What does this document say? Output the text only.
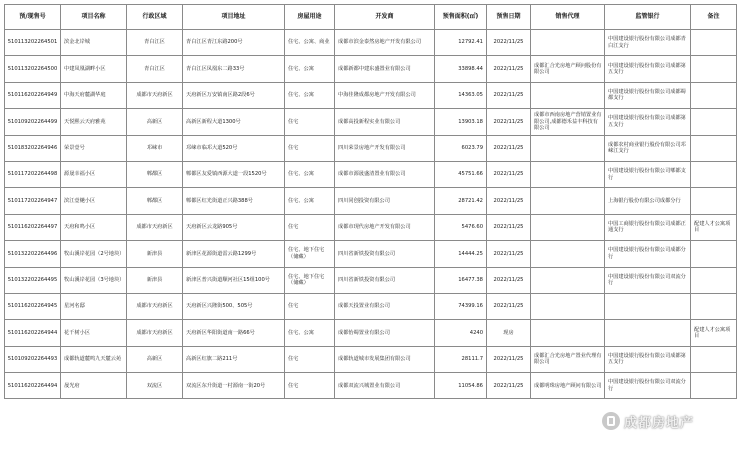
预/现售号	项目名称	行政区域	项目地址	房屋用途	开发商	预售面积(㎡)	预售日期	销售代理	监管银行	备注
510113202264501	滨金北岸城	青白江区	青白江区青江东路200号	住宅、公寓、商业	成都市滨金泰然房地产开发有限公司	12792.41	2022/11/25		中国建设银行股份有限公司成都青白江支行	
510113202264500	中建凤凰湖畔小区	青白江区	青白江区凤凰东二路33号	住宅、公寓	成都新都中建东盛置业有限公司	33898.44	2022/11/25	成都汇合光房地产顾问股份有限公司	中国建设银行股份有限公司成都第五支行	
510116202264949	中海天府麓湖华庭	成都市天府新区	天府新区万安镇南区路2段6号	住宅、公寓	中海佳隆成都房地产开发有限公司	14363.05	2022/11/25		中国建设银行股份有限公司成都蜀都支行	
510109202264499	天悦熙云天府雅苑	高新区	高新区新程大道1300号	住宅	成都高投新程实业有限公司	13903.18	2022/11/25	成都市西南房地产营销置业有限公司,成都德禾益丰科技有限公司	中国建设银行股份有限公司成都第五支行	
510183202264946	荣景壹号	邛崃市	邛崃市临邛大道520号	住宅	四川荣景房地产开发有限公司	6023.79	2022/11/25		成都农村商业银行股份有限公司邛崃江支行	
510117202264498	源晟幸福小区	郫都区	郫都区友爱镇西源大道一段1520号	住宅、公寓	成都市源晟盛清置业有限公司	45751.66	2022/11/25		中国建设银行股份有限公司郫都支行	
510117202264947	滨江壹樾小区	郫都区	郫都区红光街道正兴路388号	住宅、公寓	四川同创投资有限公司	28721.42	2022/11/25		上海银行股份有限公司成都分行	
510116202264497	天府和鸣小区	成都市天府新区	天府新区云龙路905号	住宅	成都市现代房地产开发有限公司	5476.60	2022/11/25		中国工商银行股份有限公司成都正通支行	配建人才公寓项目
510132202264496	牧山溪岸花园（2号地块）	新津县	新津区花源街道雷云路1299号	住宅、地下住宅（储藏）	四川省新铁投资有限公司	14444.25	2022/11/25		中国建设银行股份有限公司成都分行	
510132202264495	牧山溪岸花园（3号地块）	新津县	新津区普兴街道顺河社区15组100号	住宅、地下住宅（储藏）	四川省新铁投资有限公司	16477.38	2022/11/25		中国建设银行股份有限公司双流分行	
510116202264945	星河名邸	成都市天府新区	天府新区兴隆街500、505号	住宅	成都天投置业有限公司	74399.16	2022/11/25			
510116202264944	花千树小区	成都市天府新区	天府新区华阳街道南一路66号	住宅、公寓	成都怡蜀置业有限公司	4240	现房			配建人才公寓项目
510109202264493	成都轨道麓鸣九天麓云苑	高新区	高新区红旗二路211号	住宅	成都轨道城市发展集团有限公司	28111.7	2022/11/25	成都汇合光房地产置业代理有限公司	中国建设银行股份有限公司成都第五支行	
510116202264494	晟光府	双流区	双流区东升街道一村源南一街20号	住宅	成都双流兴城置业有限公司	11054.86	2022/11/25	成都明珠房地产顾问有限公司	中国建设银行股份有限公司双流分行	
成都房地产
